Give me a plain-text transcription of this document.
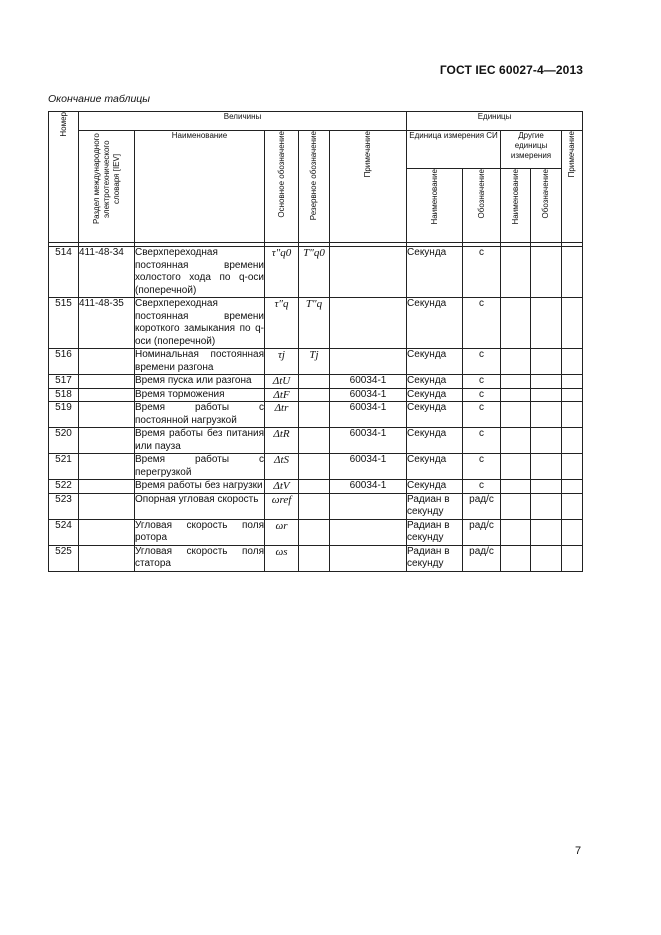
ГОСТ IEC 60027-4—2013
Окончание таблицы
Номер	Величины					Единицы				
	Раздел международного электротехнического словаря [IEV]	Наименование	Основное обозначение	Резервное обозначение	Примечание	Единица измерения СИ		Другие единицы измерения		Примечание
						Наименование	Обозначение	Наименование	Обозначение	

514	411-48-34	Сверхпереходная постоянная времени холостого хода по q-оси (поперечной)	τ″q0	T″q0		Секунда	с			
515	411-48-35	Сверхпереходная постоянная времени короткого замыкания по q-оси (поперечной)	τ″q	T″q		Секунда	с			
516		Номинальная постоянная времени разгона	τj	Tj		Секунда	с			
517		Время пуска или разгона	ΔtU		60034-1	Секунда	с			
518		Время торможения	ΔtF		60034-1	Секунда	с			
519		Время работы с постоянной нагрузкой	Δtr		60034-1	Секунда	с			
520		Время работы без питания или пауза	ΔtR		60034-1	Секунда	с			
521		Время работы с перегрузкой	ΔtS		60034-1	Секунда	с			
522		Время работы без нагрузки	ΔtV		60034-1	Секунда	с			
523		Опорная угловая скорость	ωref			Радиан в секунду	рад/с			
524		Угловая скорость поля ротора	ωr			Радиан в секунду	рад/с			
525		Угловая скорость поля статора	ωs			Радиан в секунду	рад/с			
7
